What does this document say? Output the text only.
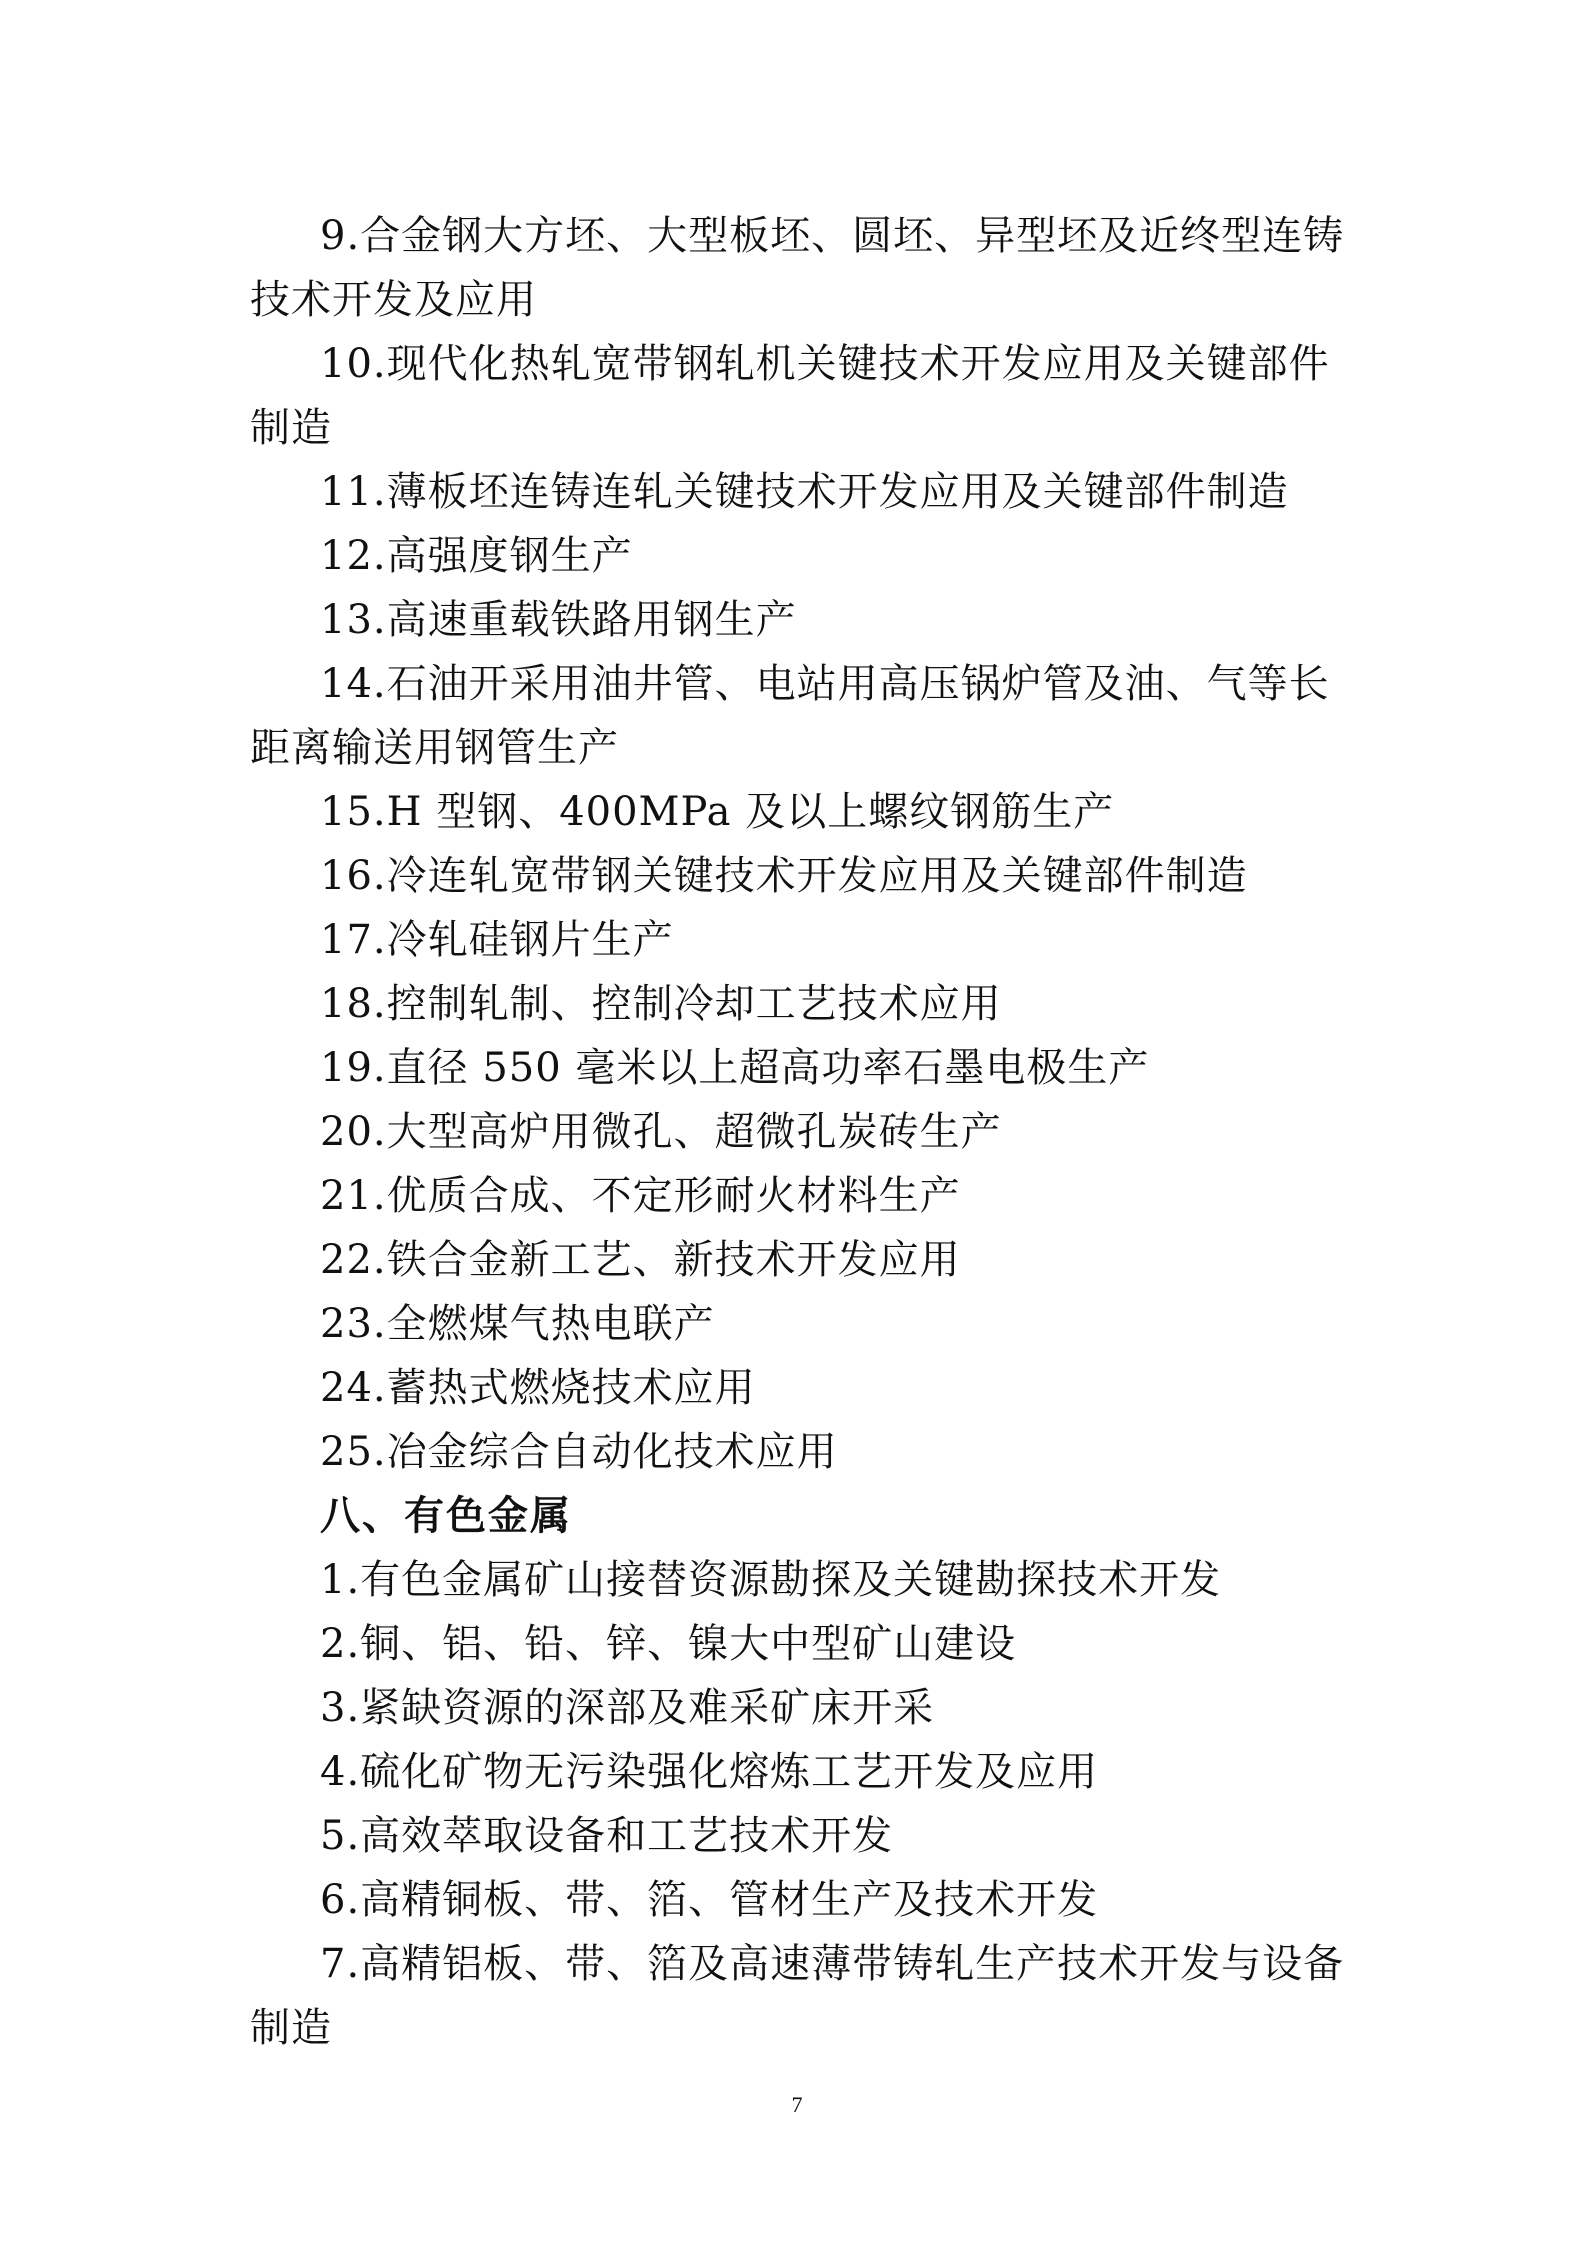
9.合金钢大方坯、大型板坯、圆坯、异型坯及近终型连铸
技术开发及应用
10.现代化热轧宽带钢轧机关键技术开发应用及关键部件
制造
11.薄板坯连铸连轧关键技术开发应用及关键部件制造
12.高强度钢生产
13.高速重载铁路用钢生产
14.石油开采用油井管、电站用高压锅炉管及油、气等长
距离输送用钢管生产
15.H 型钢、400MPa 及以上螺纹钢筋生产
16.冷连轧宽带钢关键技术开发应用及关键部件制造
17.冷轧硅钢片生产
18.控制轧制、控制冷却工艺技术应用
19.直径 550 毫米以上超高功率石墨电极生产
20.大型高炉用微孔、超微孔炭砖生产
21.优质合成、不定形耐火材料生产
22.铁合金新工艺、新技术开发应用
23.全燃煤气热电联产
24.蓄热式燃烧技术应用
25.冶金综合自动化技术应用
八、有色金属
1.有色金属矿山接替资源勘探及关键勘探技术开发
2.铜、铝、铅、锌、镍大中型矿山建设
3.紧缺资源的深部及难采矿床开采
4.硫化矿物无污染强化熔炼工艺开发及应用
5.高效萃取设备和工艺技术开发
6.高精铜板、带、箔、管材生产及技术开发
7.高精铝板、带、箔及高速薄带铸轧生产技术开发与设备
制造
7
